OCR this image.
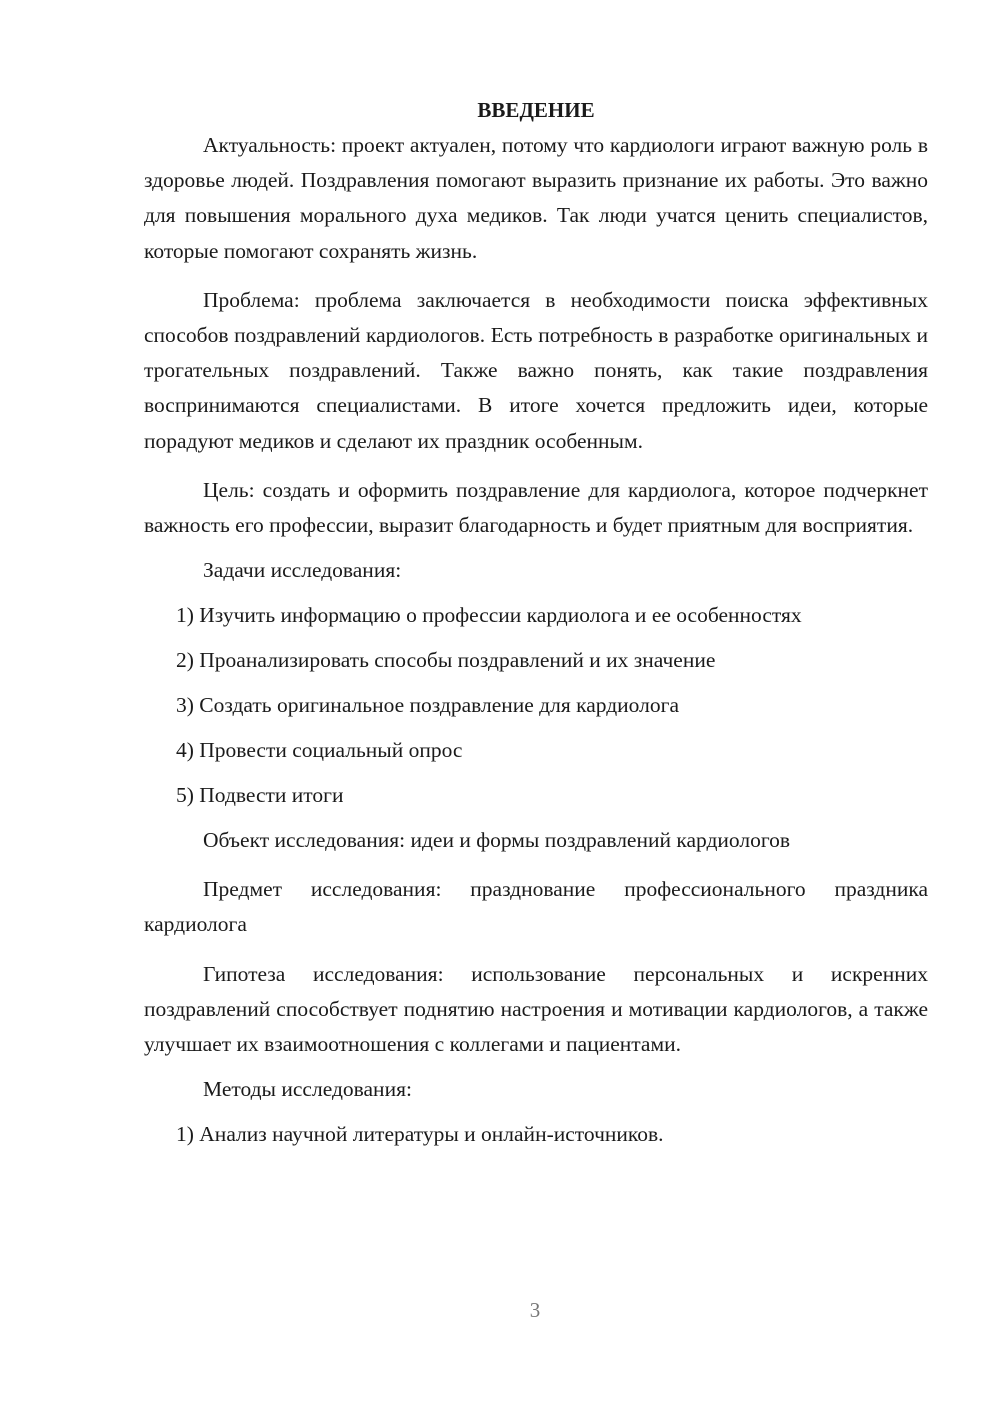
ВВЕДЕНИЕ

Актуальность: проект актуален, потому что кардиологи играют важную роль в здоровье людей. Поздравления помогают выразить признание их работы. Это важно для повышения морального духа медиков. Так люди учатся ценить специалистов, которые помогают сохранять жизнь.

Проблема: проблема заключается в необходимости поиска эффективных способов поздравлений кардиологов. Есть потребность в разработке оригинальных и трогательных поздравлений. Также важно понять, как такие поздравления воспринимаются специалистами. В итоге хочется предложить идеи, которые порадуют медиков и сделают их праздник особенным.

Цель: создать и оформить поздравление для кардиолога, которое подчеркнет важность его профессии, выразит благодарность и будет приятным для восприятия.

Задачи исследования:

1) Изучить информацию о профессии кардиолога и ее особенностях

2) Проанализировать способы поздравлений и их значение

3) Создать оригинальное поздравление для кардиолога

4) Провести социальный опрос

5) Подвести итоги

Объект исследования: идеи и формы поздравлений кардиологов

Предмет исследования: празднование профессионального праздника кардиолога

Гипотеза исследования: использование персональных и искренних поздравлений способствует поднятию настроения и мотивации кардиологов, а также улучшает их взаимоотношения с коллегами и пациентами.

Методы исследования:

1) Анализ научной литературы и онлайн-источников.

3
